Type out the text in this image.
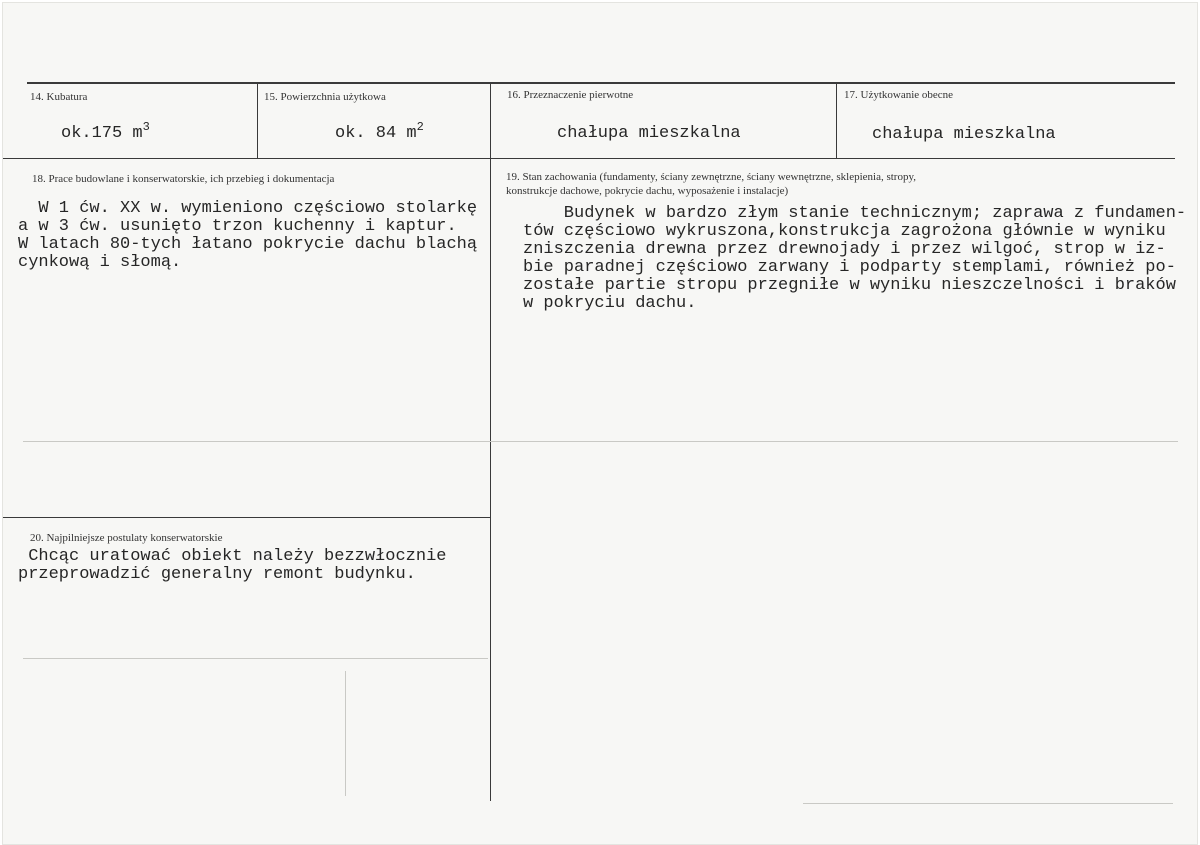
14. Kubatura
ok.175 $m^3$
15. Powierzchnia użytkowa
ok. 84 $m^2$
16. Przeznaczenie pierwotne
chałupa mieszkalna
17. Użytkowanie obecne
chałupa mieszkalna
18. Prace budowlane i konserwatorskie, ich przebieg i dokumentacja
W 1 ćw. XX w. wymieniono częściowo stolarkę
a w 3 ćw. usunięto trzon kuchenny i kaptur.
W latach 80-tych łatano pokrycie dachu blachą
cynkową i słomą.
19. Stan zachowania (fundamenty, ściany zewnętrzne, ściany wewnętrzne, sklepienia, stropy,
konstrukcje dachowe, pokrycie dachu, wyposażenie i instalacje)
Budynek w bardzo złym stanie technicznym; zaprawa z fundamen-
tów częściowo wykruszona,konstrukcja zagrożona głównie w wyniku
zniszczenia drewna przez drewnojady i przez wilgoć, strop w iz-
bie paradnej częściowo zarwany i podparty stemplami, również po-
zostałe partie stropu przegniłe w wyniku nieszczelności i braków
w pokryciu dachu.
20. Najpilniejsze postulaty konserwatorskie
Chcąc uratować obiekt należy bezzwłocznie
przeprowadzić generalny remont budynku.
